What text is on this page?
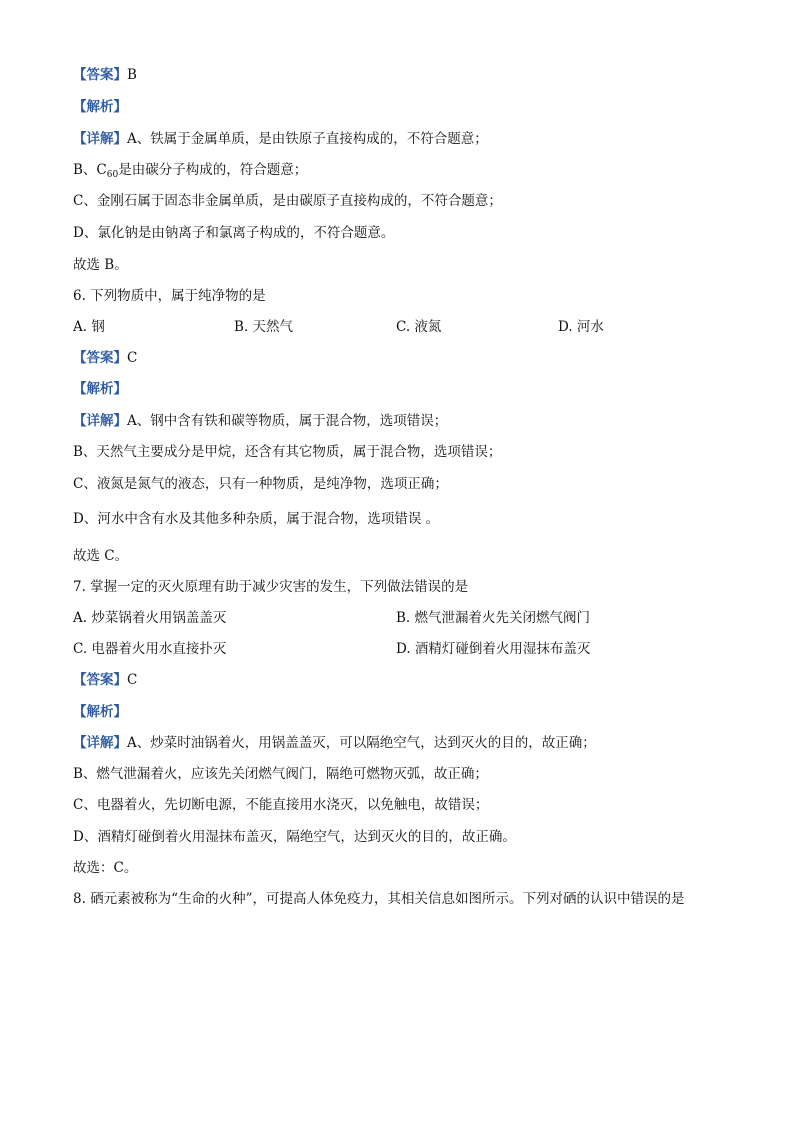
【答案】B
【解析】
【详解】A、铁属于金属单质，是由铁原子直接构成的，不符合题意；
B、$C_{60}$是由碳分子构成的，符合题意；
C、金刚石属于固态非金属单质，是由碳原子直接构成的，不符合题意；
D、氯化钠是由钠离子和氯离子构成的，不符合题意。
故选 B。
6. 下列物质中，属于纯净物的是
A. 钢	B. 天然气	C. 液氮	D. 河水
【答案】C
【解析】
【详解】A、钢中含有铁和碳等物质，属于混合物，选项错误；
B、天然气主要成分是甲烷，还含有其它物质，属于混合物，选项错误；
C、液氮是氮气的液态，只有一种物质，是纯净物，选项正确；
D、河水中含有水及其他多种杂质，属于混合物，选项错误 。
故选 C。
7. 掌握一定的灭火原理有助于减少灾害的发生，下列做法错误的是
A. 炒菜锅着火用锅盖盖灭	B. 燃气泄漏着火先关闭燃气阀门
C. 电器着火用水直接扑灭	D. 酒精灯碰倒着火用湿抹布盖灭
【答案】C
【解析】
【详解】A、炒菜时油锅着火，用锅盖盖灭，可以隔绝空气，达到灭火的目的，故正确；
B、燃气泄漏着火，应该先关闭燃气阀门，隔绝可燃物灭弧，故正确；
C、电器着火，先切断电源，不能直接用水浇灭，以免触电，故错误；
D、酒精灯碰倒着火用湿抹布盖灭，隔绝空气，达到灭火的目的，故正确。
故选：C。
8. 硒元素被称为“生命的火种”，可提高人体免疫力，其相关信息如图所示。下列对硒的认识中错误的是
